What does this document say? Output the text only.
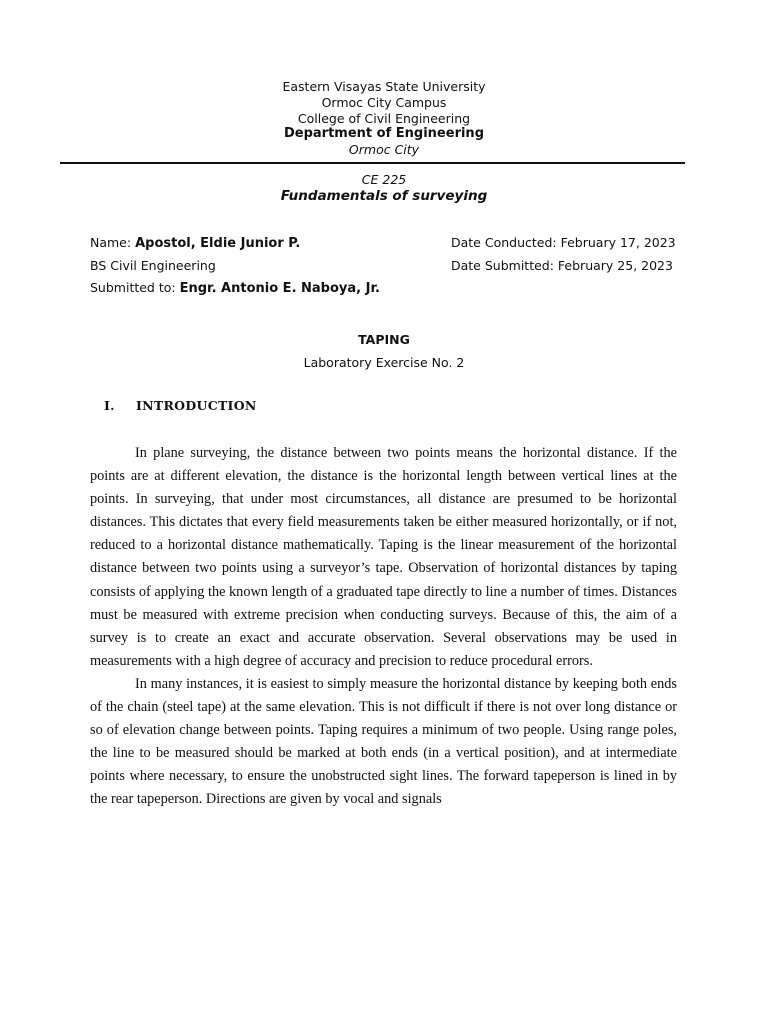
Eastern Visayas State University
Ormoc City Campus
College of Civil Engineering
Department of Engineering
Ormoc City
CE 225
Fundamentals of surveying
Name: Apostol, Eldie Junior P.
BS Civil Engineering
Submitted to: Engr. Antonio E. Naboya, Jr.
Date Conducted: February 17, 2023
Date Submitted: February 25, 2023
TAPING
Laboratory Exercise No. 2
I. INTRODUCTION

In plane surveying, the distance between two points means the horizontal distance. If the points are at different elevation, the distance is the horizontal length between vertical lines at the points. In surveying, that under most circumstances, all distance are presumed to be horizontal distances. This dictates that every field measurements taken be either measured horizontally, or if not, reduced to a horizontal distance mathematically. Taping is the linear measurement of the horizontal distance between two points using a surveyor’s tape. Observation of horizontal distances by taping consists of applying the known length of a graduated tape directly to line a number of times. Distances must be measured with extreme precision when conducting surveys. Because of this, the aim of a survey is to create an exact and accurate observation. Several observations may be used in measurements with a high degree of accuracy and precision to reduce procedural errors.

In many instances, it is easiest to simply measure the horizontal distance by keeping both ends of the chain (steel tape) at the same elevation. This is not difficult if there is not over long distance or so of elevation change between points. Taping requires a minimum of two people. Using range poles, the line to be measured should be marked at both ends (in a vertical position), and at intermediate points where necessary, to ensure the unobstructed sight lines. The forward tapeperson is lined in by the rear tapeperson. Directions are given by vocal and signals
